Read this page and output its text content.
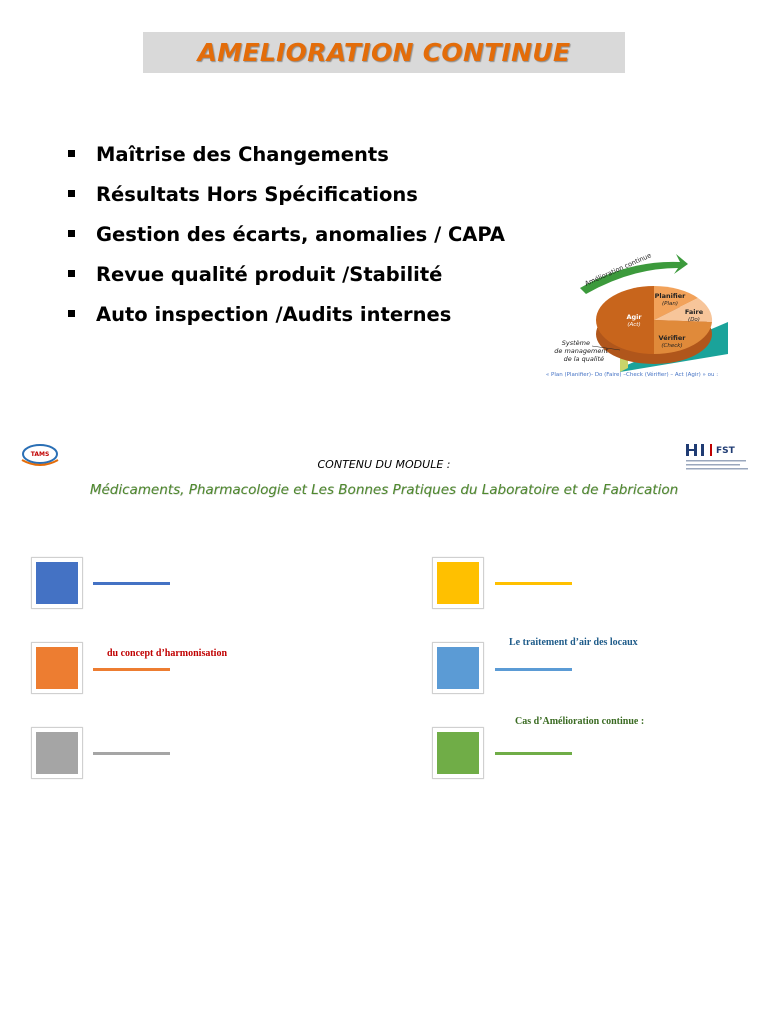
AMELIORATION CONTINUE
Maîtrise des Changements
Résultats Hors Spécifications
Gestion des écarts, anomalies / CAPA
Revue qualité produit /Stabilité
Auto inspection /Audits internes
Amélioration continue
Planifier
(Plan)
Faire
(Do)
Agir
(Act)
Vérifier
(Check)
Système
de management
de la qualité
« Plan (Planifier)- Do (Faire) –Check (Vérifier) – Act (Agir) » ou :
TAMS	FST
CONTENU DU MODULE :
Médicaments, Pharmacologie et Les Bonnes Pratiques du Laboratoire et de Fabrication
du concept d’harmonisation
Le traitement d’air des locaux
Cas d’Amélioration continue :
